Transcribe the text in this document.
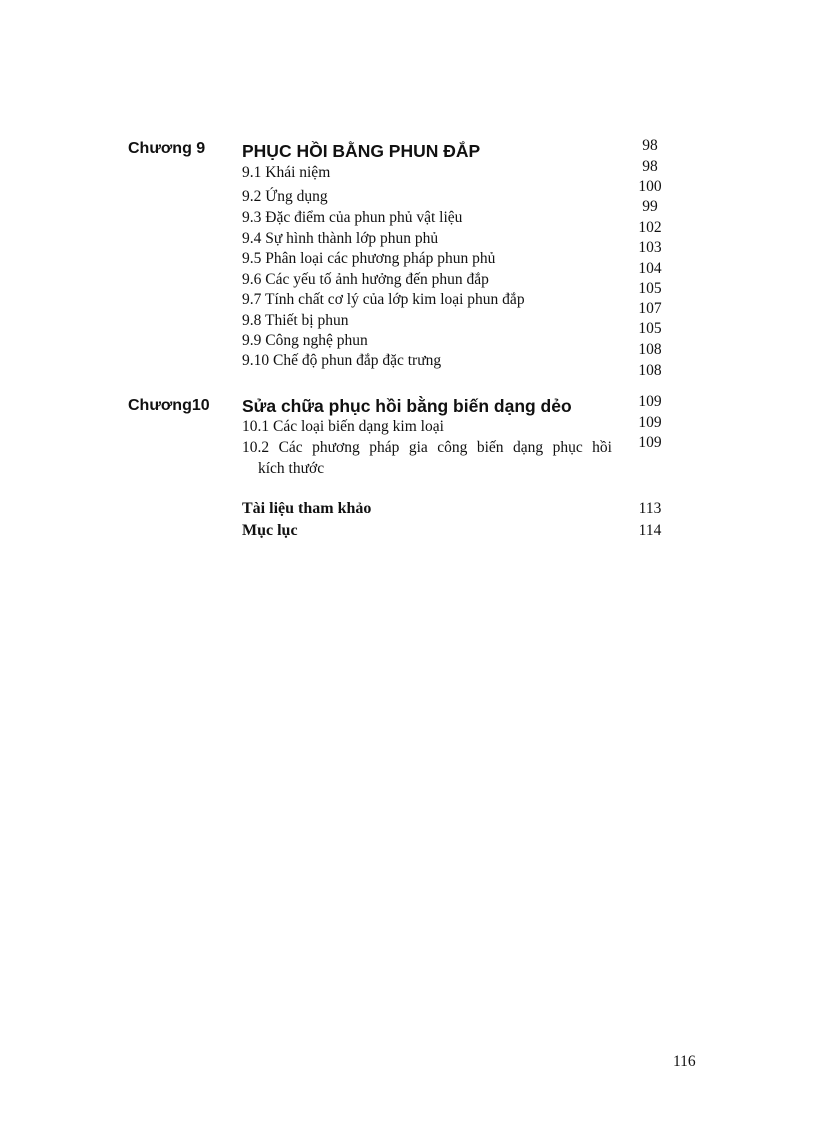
Chương 9 PHỤC HỒI BẰNG PHUN ĐẮP
9.1 Khái niệm
9.2 Ứng dụng
9.3 Đặc điểm của phun phủ vật liệu
9.4 Sự hình thành lớp phun phủ
9.5 Phân loại các phương pháp phun phủ
9.6 Các yếu tố ảnh hưởng đến phun đắp
9.7 Tính chất cơ lý của lớp kim loại phun đắp
9.8 Thiết bị phun
9.9 Công nghệ phun
9.10 Chế độ phun đắp đặc trưng
98
98
100
99
102
103
104
105
107
105
108
108
Chương10 Sửa chữa phục hồi bằng biến dạng dẻo
10.1 Các loại biến dạng kim loại
10.2 Các phương pháp gia công biến dạng phục hồi
kích thước
109
109
109
Tài liệu tham khảo	113
Mục lục	114
116
